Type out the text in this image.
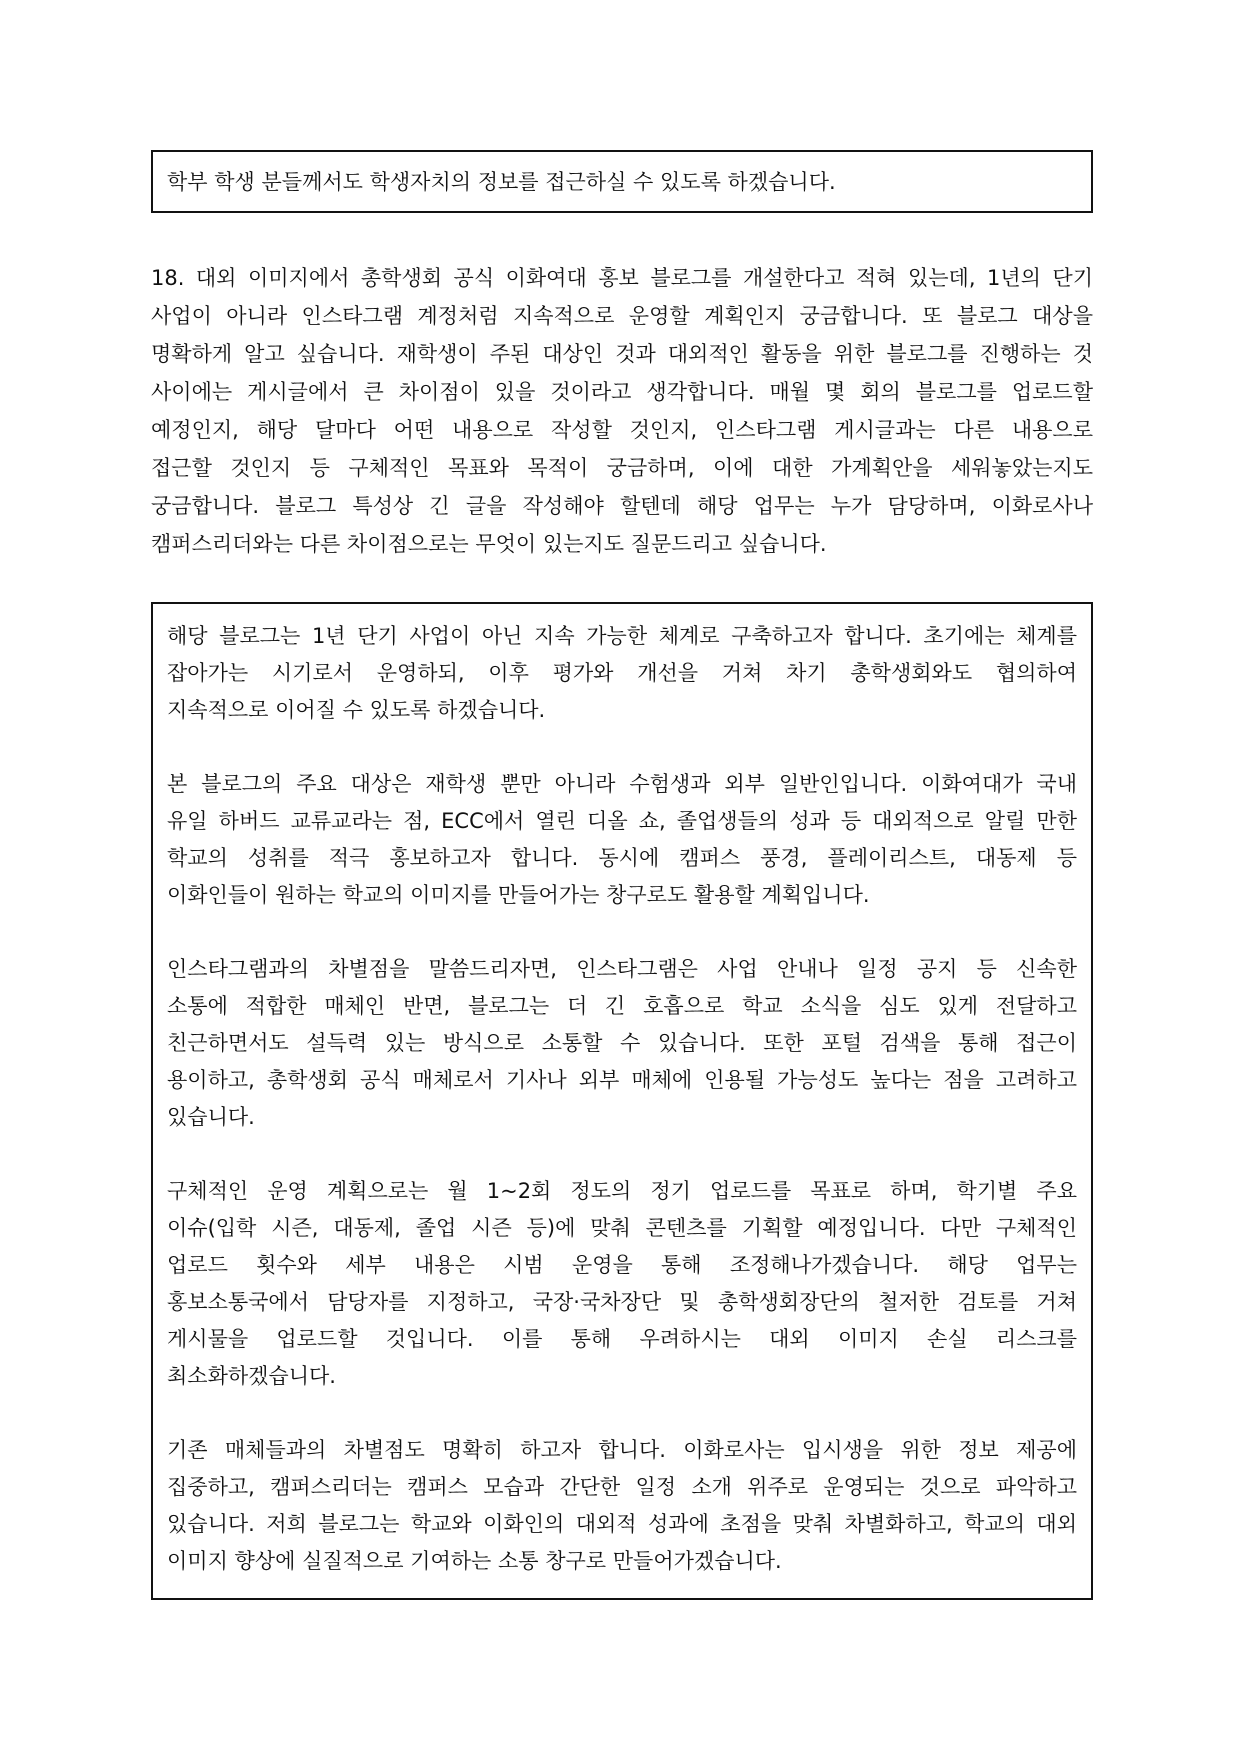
학부 학생 분들께서도 학생자치의 정보를 접근하실 수 있도록 하겠습니다.
18. 대외 이미지에서 총학생회 공식 이화여대 홍보 블로그를 개설한다고 적혀 있는데, 1년의 단기
사업이 아니라 인스타그램 계정처럼 지속적으로 운영할 계획인지 궁금합니다. 또 블로그 대상을
명확하게 알고 싶습니다. 재학생이 주된 대상인 것과 대외적인 활동을 위한 블로그를 진행하는 것
사이에는 게시글에서 큰 차이점이 있을 것이라고 생각합니다. 매월 몇 회의 블로그를 업로드할
예정인지, 해당 달마다 어떤 내용으로 작성할 것인지, 인스타그램 게시글과는 다른 내용으로
접근할 것인지 등 구체적인 목표와 목적이 궁금하며, 이에 대한 가계획안을 세워놓았는지도
궁금합니다. 블로그 특성상 긴 글을 작성해야 할텐데 해당 업무는 누가 담당하며, 이화로사나
캠퍼스리더와는 다른 차이점으로는 무엇이 있는지도 질문드리고 싶습니다.
해당 블로그는 1년 단기 사업이 아닌 지속 가능한 체계로 구축하고자 합니다. 초기에는 체계를
잡아가는 시기로서 운영하되, 이후 평가와 개선을 거쳐 차기 총학생회와도 협의하여
지속적으로 이어질 수 있도록 하겠습니다.
본 블로그의 주요 대상은 재학생 뿐만 아니라 수험생과 외부 일반인입니다. 이화여대가 국내
유일 하버드 교류교라는 점, ECC에서 열린 디올 쇼, 졸업생들의 성과 등 대외적으로 알릴 만한
학교의 성취를 적극 홍보하고자 합니다. 동시에 캠퍼스 풍경, 플레이리스트, 대동제 등
이화인들이 원하는 학교의 이미지를 만들어가는 창구로도 활용할 계획입니다.
인스타그램과의 차별점을 말씀드리자면, 인스타그램은 사업 안내나 일정 공지 등 신속한
소통에 적합한 매체인 반면, 블로그는 더 긴 호흡으로 학교 소식을 심도 있게 전달하고
친근하면서도 설득력 있는 방식으로 소통할 수 있습니다. 또한 포털 검색을 통해 접근이
용이하고, 총학생회 공식 매체로서 기사나 외부 매체에 인용될 가능성도 높다는 점을 고려하고
있습니다.
구체적인 운영 계획으로는 월 1~2회 정도의 정기 업로드를 목표로 하며, 학기별 주요
이슈(입학 시즌, 대동제, 졸업 시즌 등)에 맞춰 콘텐츠를 기획할 예정입니다. 다만 구체적인
업로드 횟수와 세부 내용은 시범 운영을 통해 조정해나가겠습니다. 해당 업무는
홍보소통국에서 담당자를 지정하고, 국장·국차장단 및 총학생회장단의 철저한 검토를 거쳐
게시물을 업로드할 것입니다. 이를 통해 우려하시는 대외 이미지 손실 리스크를
최소화하겠습니다.
기존 매체들과의 차별점도 명확히 하고자 합니다. 이화로사는 입시생을 위한 정보 제공에
집중하고, 캠퍼스리더는 캠퍼스 모습과 간단한 일정 소개 위주로 운영되는 것으로 파악하고
있습니다. 저희 블로그는 학교와 이화인의 대외적 성과에 초점을 맞춰 차별화하고, 학교의 대외
이미지 향상에 실질적으로 기여하는 소통 창구로 만들어가겠습니다.
